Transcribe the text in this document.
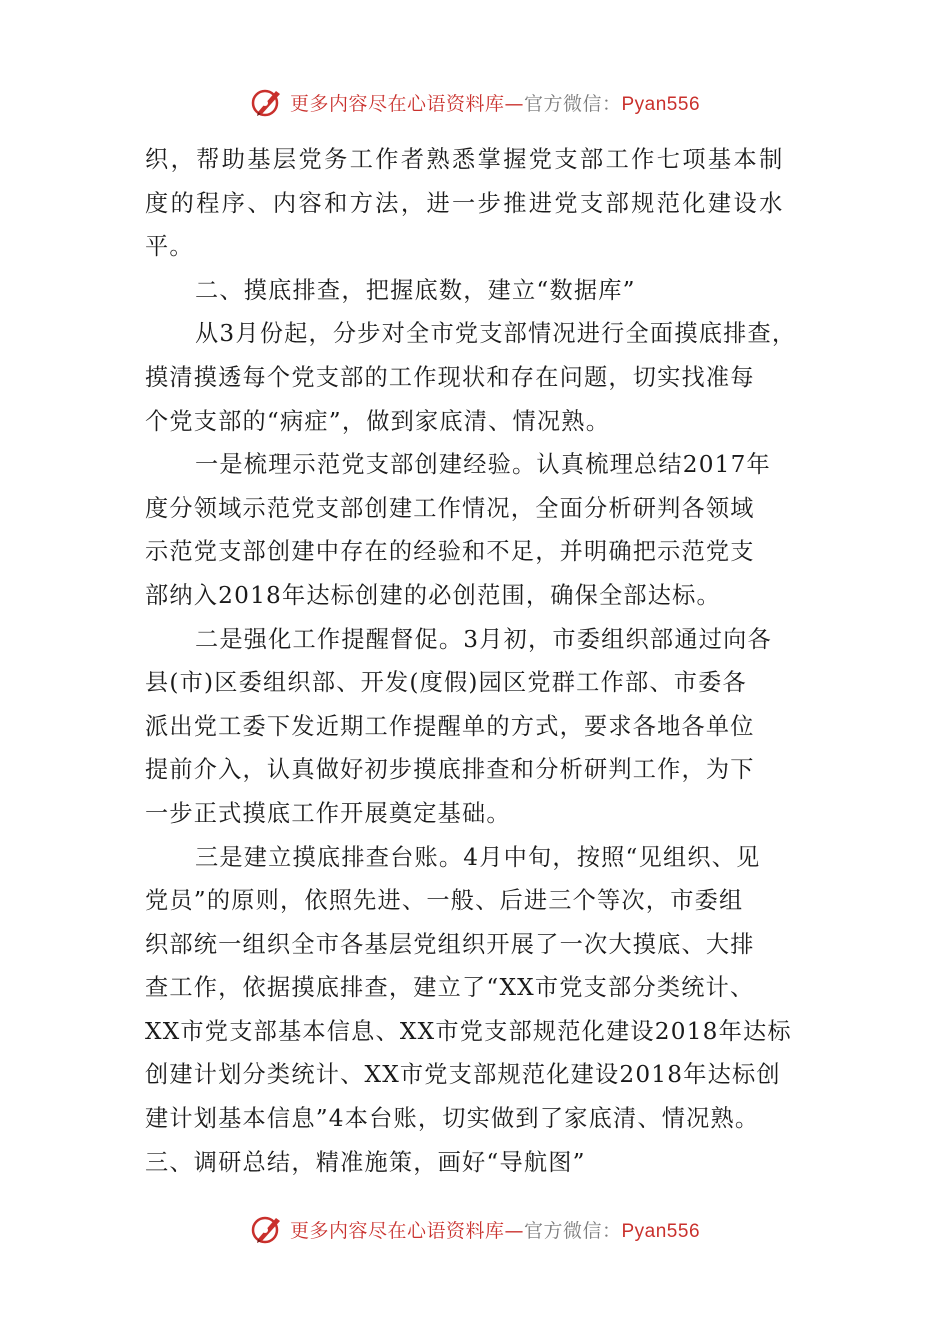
更多内容尽在心语资料库—官方微信：Pyan556
织，帮助基层党务工作者熟悉掌握党支部工作七项基本制
度的程序、内容和方法，进一步推进党支部规范化建设水
平。
二、摸底排查，把握底数，建立“数据库”
从3月份起，分步对全市党支部情况进行全面摸底排查，
摸清摸透每个党支部的工作现状和存在问题，切实找准每
个党支部的“病症”，做到家底清、情况熟。
一是梳理示范党支部创建经验。认真梳理总结2017年
度分领域示范党支部创建工作情况，全面分析研判各领域
示范党支部创建中存在的经验和不足，并明确把示范党支
部纳入2018年达标创建的必创范围，确保全部达标。
二是强化工作提醒督促。3月初，市委组织部通过向各
县(市)区委组织部、开发(度假)园区党群工作部、市委各
派出党工委下发近期工作提醒单的方式，要求各地各单位
提前介入，认真做好初步摸底排查和分析研判工作，为下
一步正式摸底工作开展奠定基础。
三是建立摸底排查台账。4月中旬，按照“见组织、见
党员”的原则，依照先进、一般、后进三个等次，市委组
织部统一组织全市各基层党组织开展了一次大摸底、大排
查工作，依据摸底排查，建立了“XX市党支部分类统计、
XX市党支部基本信息、XX市党支部规范化建设2018年达标
创建计划分类统计、XX市党支部规范化建设2018年达标创
建计划基本信息”4本台账，切实做到了家底清、情况熟。
三、调研总结，精准施策，画好“导航图”
更多内容尽在心语资料库—官方微信：Pyan556
